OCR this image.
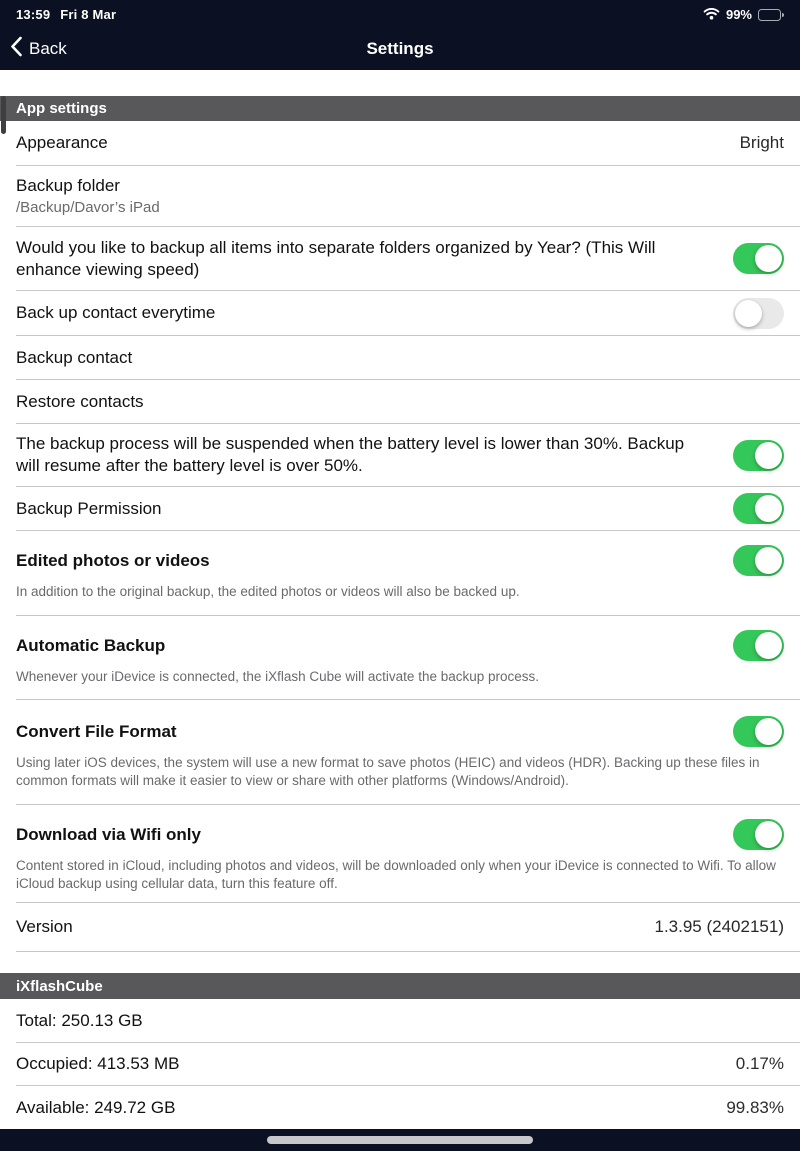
13:59 Fri 8 Mar	99%
Back	Settings
App settings
Appearance	Bright
Backup folder
/Backup/Davor’s iPad
Would you like to backup all items into separate folders organized by Year? (This Will enhance viewing speed)
Back up contact everytime
Backup contact
Restore contacts
The backup process will be suspended when the battery level is lower than 30%. Backup will resume after the battery level is over 50%.
Backup Permission
Edited photos or videos

In addition to the original backup, the edited photos or videos will also be backed up.

Automatic Backup

Whenever your iDevice is connected, the iXflash Cube will activate the backup process.

Convert File Format

Using later iOS devices, the system will use a new format to save photos (HEIC) and videos (HDR). Backing up these files in common formats will make it easier to view or share with other platforms (Windows/Android).

Download via Wifi only

Content stored in iCloud, including photos and videos, will be downloaded only when your iDevice is connected to Wifi. To allow iCloud backup using cellular data, turn this feature off.

Version	1.3.95 (2402151)
iXflashCube
Total: 250.13 GB
Occupied: 413.53 MB	0.17%
Available: 249.72 GB	99.83%
